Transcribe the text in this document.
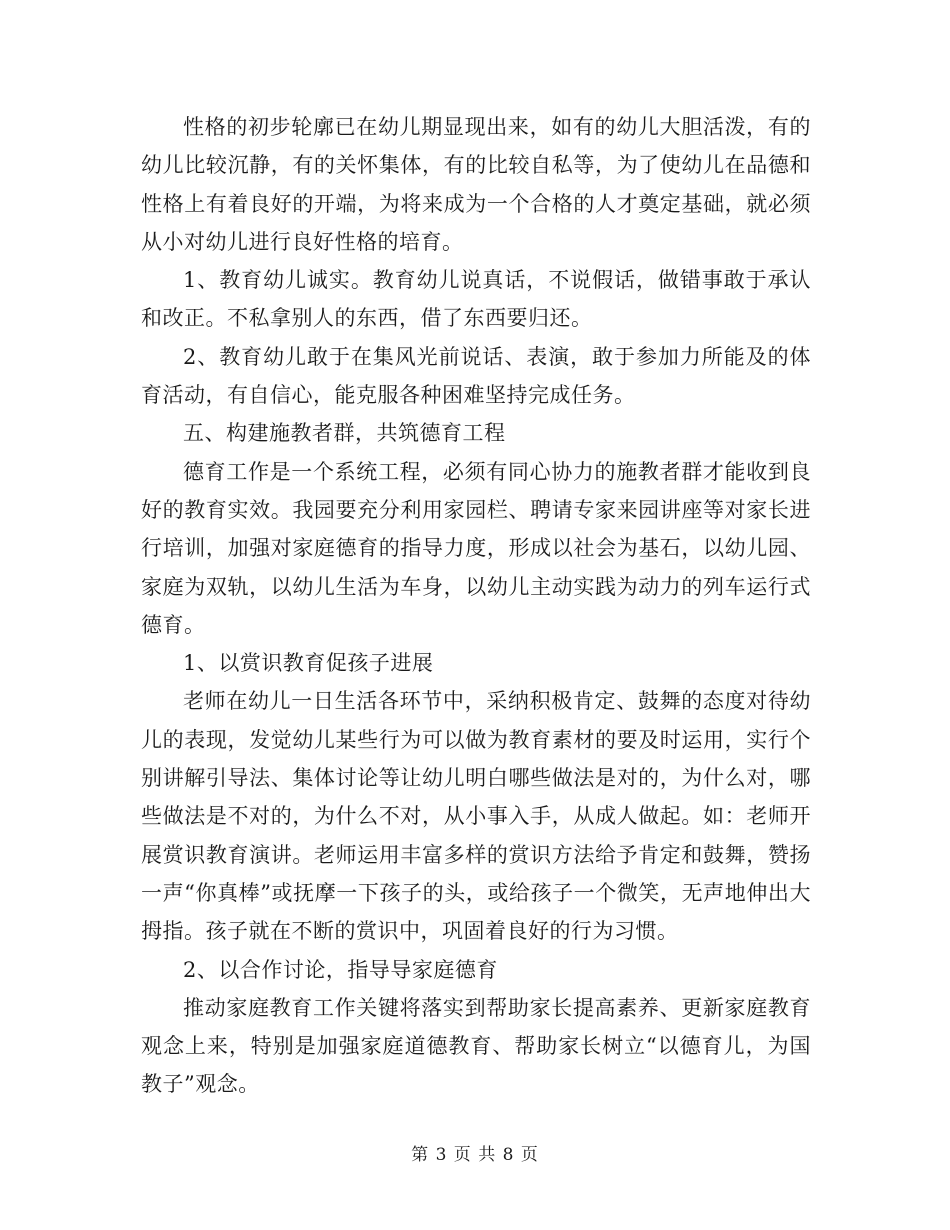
性格的初步轮廓已在幼儿期显现出来，如有的幼儿大胆活泼，有的幼儿比较沉静，有的关怀集体，有的比较自私等，为了使幼儿在品德和性格上有着良好的开端，为将来成为一个合格的人才奠定基础，就必须从小对幼儿进行良好性格的培育。

1、教育幼儿诚实。教育幼儿说真话，不说假话，做错事敢于承认和改正。不私拿别人的东西，借了东西要归还。

2、教育幼儿敢于在集风光前说话、表演，敢于参加力所能及的体育活动，有自信心，能克服各种困难坚持完成任务。

五、构建施教者群，共筑德育工程

德育工作是一个系统工程，必须有同心协力的施教者群才能收到良好的教育实效。我园要充分利用家园栏、聘请专家来园讲座等对家长进行培训，加强对家庭德育的指导力度，形成以社会为基石，以幼儿园、家庭为双轨，以幼儿生活为车身，以幼儿主动实践为动力的列车运行式德育。

1、以赏识教育促孩子进展

老师在幼儿一日生活各环节中，采纳积极肯定、鼓舞的态度对待幼儿的表现，发觉幼儿某些行为可以做为教育素材的要及时运用，实行个别讲解引导法、集体讨论等让幼儿明白哪些做法是对的，为什么对，哪些做法是不对的，为什么不对，从小事入手，从成人做起。如：老师开展赏识教育演讲。老师运用丰富多样的赏识方法给予肯定和鼓舞，赞扬一声“你真棒”或抚摩一下孩子的头，或给孩子一个微笑，无声地伸出大拇指。孩子就在不断的赏识中，巩固着良好的行为习惯。

2、以合作讨论，指导导家庭德育

推动家庭教育工作关键将落实到帮助家长提高素养、更新家庭教育观念上来，特别是加强家庭道德教育、帮助家长树立“以德育儿，为国教子”观念。

第 3 页 共 8 页
